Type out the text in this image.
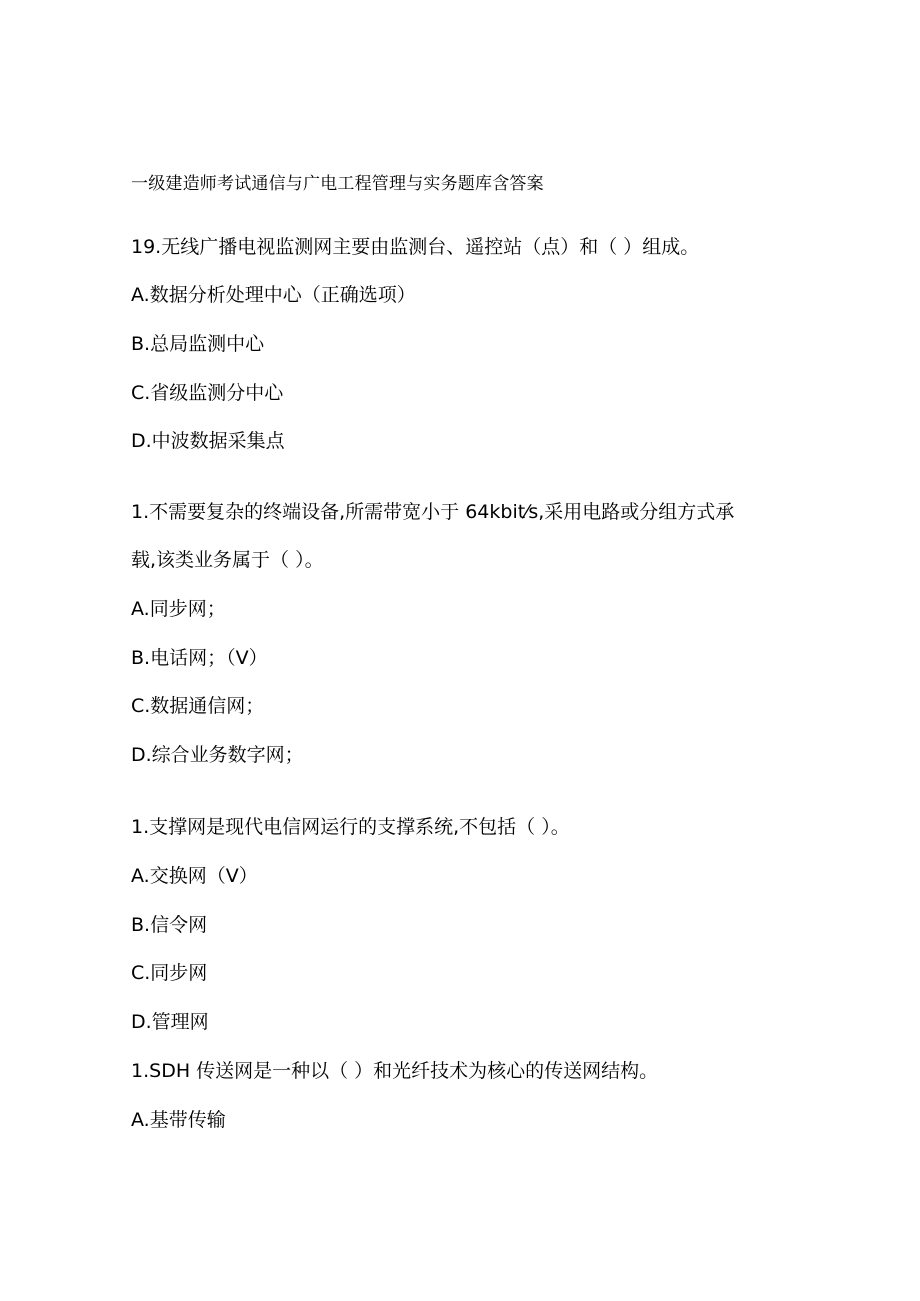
一级建造师考试通信与广电工程管理与实务题库含答案
19.无线广播电视监测网主要由监测台、遥控站（点）和（ ）组成。
A.数据分析处理中心（正确选项）
B.总局监测中心
C.省级监测分中心
D.中波数据采集点
1.不需要复杂的终端设备,所需带宽小于 64kbit⁄s,采用电路或分组方式承
载,该类业务属于（ ）。
A.同步网；
B.电话网；（V）
C.数据通信网；
D.综合业务数字网；
1.支撑网是现代电信网运行的支撑系统,不包括（ ）。
A.交换网（V）
B.信令网
C.同步网
D.管理网
1.SDH 传送网是一种以（ ）和光纤技术为核心的传送网结构。
A.基带传输
